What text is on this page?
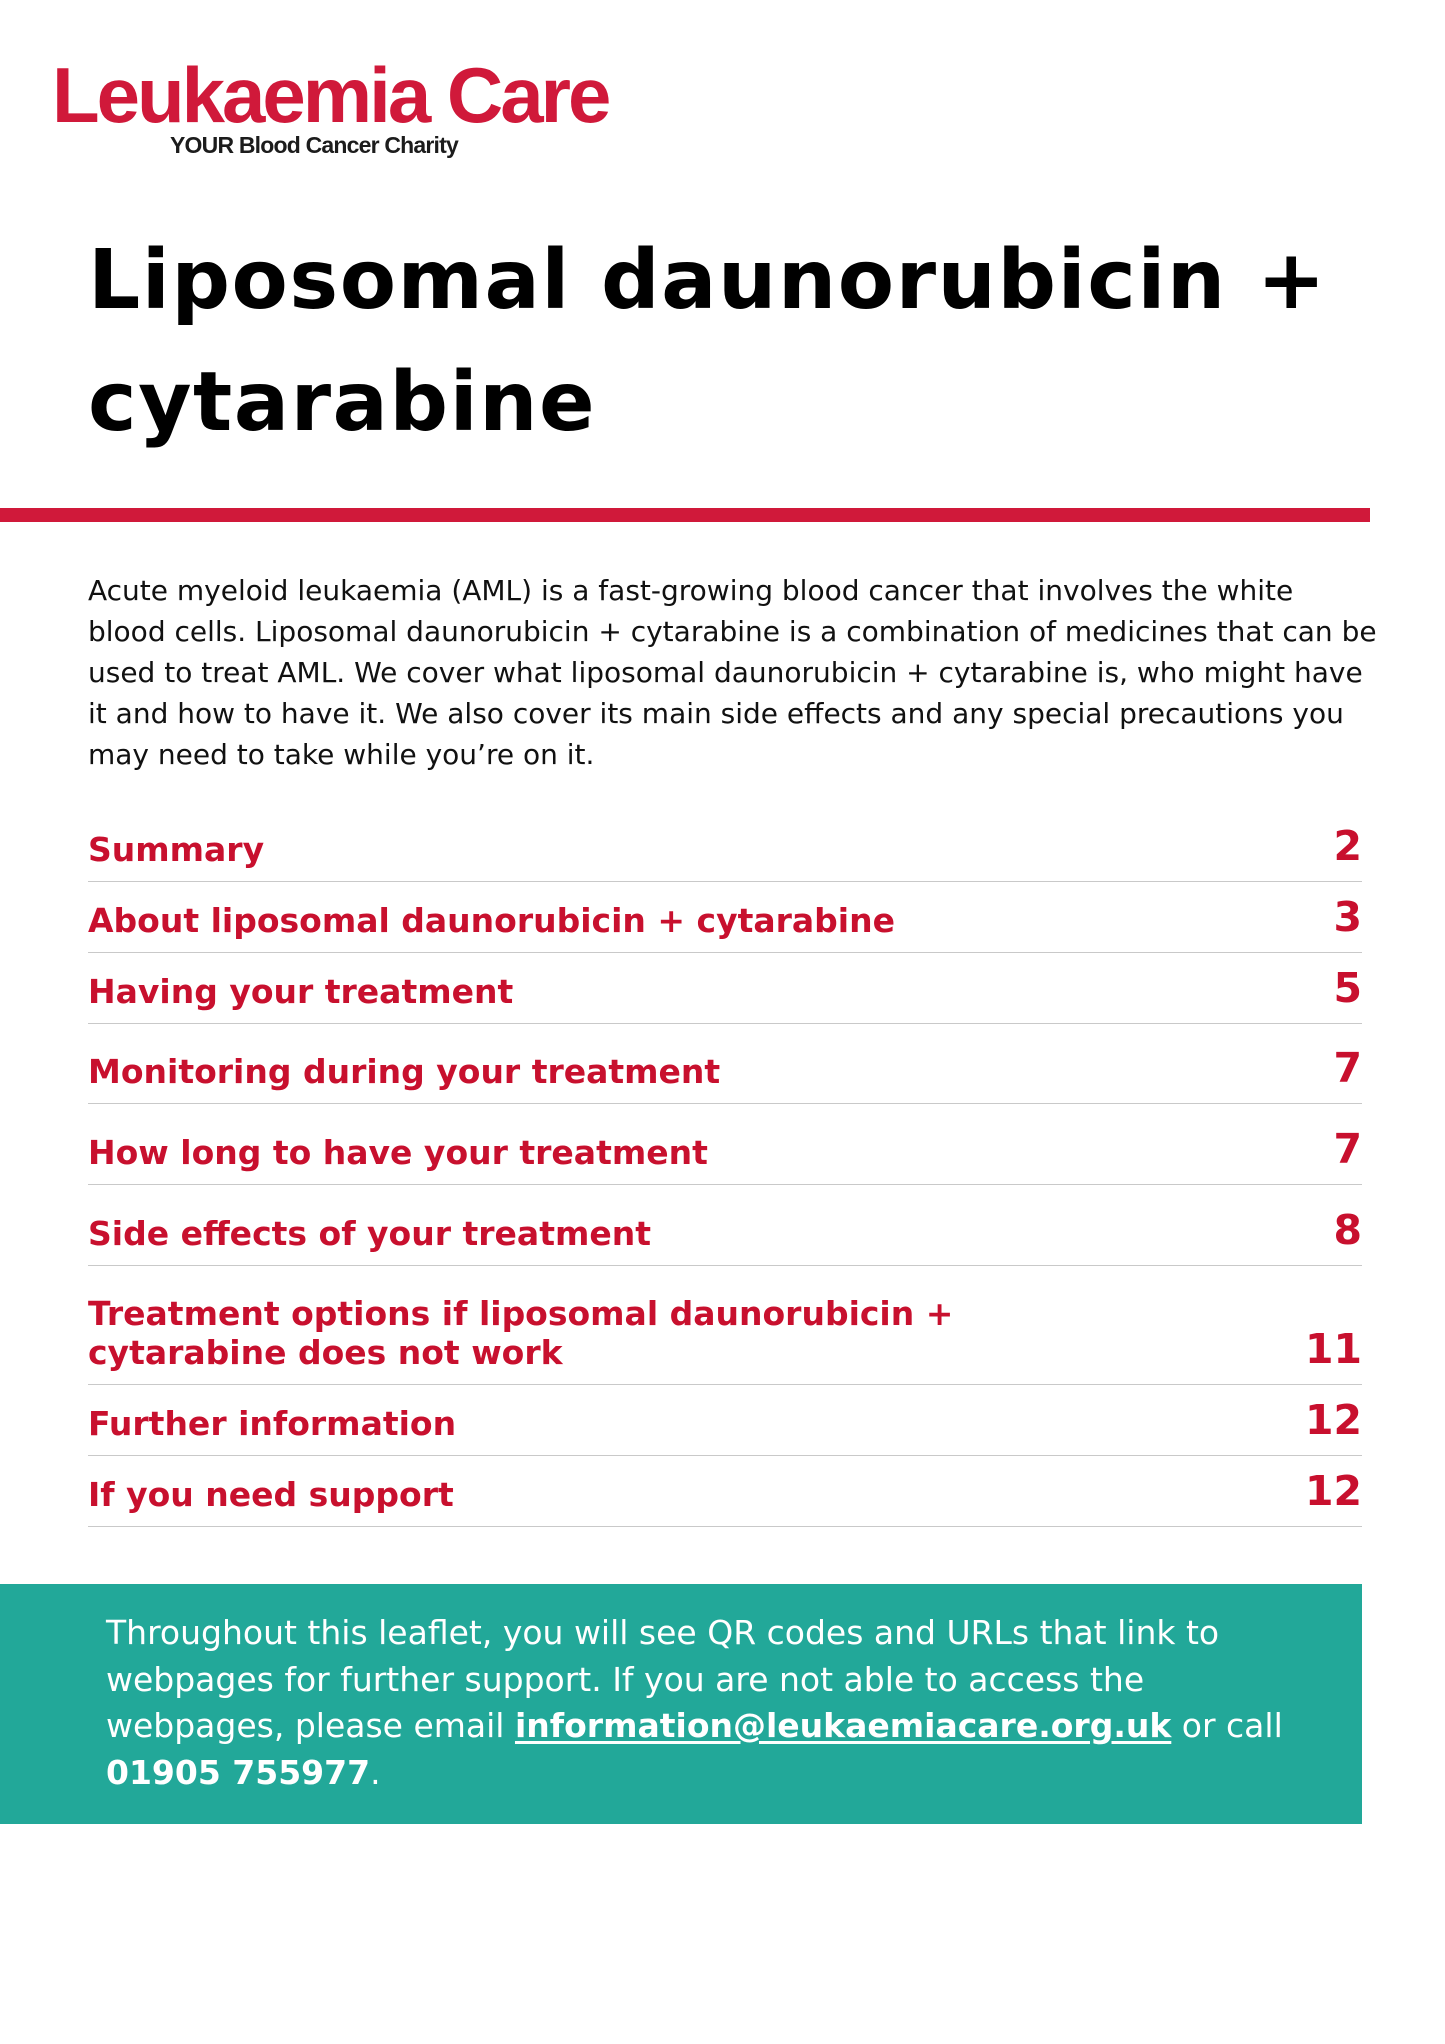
Leukaemia Care
YOUR Blood Cancer Charity
Liposomal daunorubicin + cytarabine

Acute myeloid leukaemia (AML) is a fast-growing blood cancer that involves the white blood cells. Liposomal daunorubicin + cytarabine is a combination of medicines that can be used to treat AML. We cover what liposomal daunorubicin + cytarabine is, who might have it and how to have it. We also cover its main side effects and any special precautions you may need to take while you’re on it.

Summary	2
About liposomal daunorubicin + cytarabine	3
Having your treatment	5
Monitoring during your treatment	7
How long to have your treatment	7
Side effects of your treatment	8
Treatment options if liposomal daunorubicin + cytarabine does not work	11
Further information	12
If you need support	12

Throughout this leaflet, you will see QR codes and URLs that link to webpages for further support. If you are not able to access the webpages, please email information@leukaemiacare.org.uk or call 01905 755977.
